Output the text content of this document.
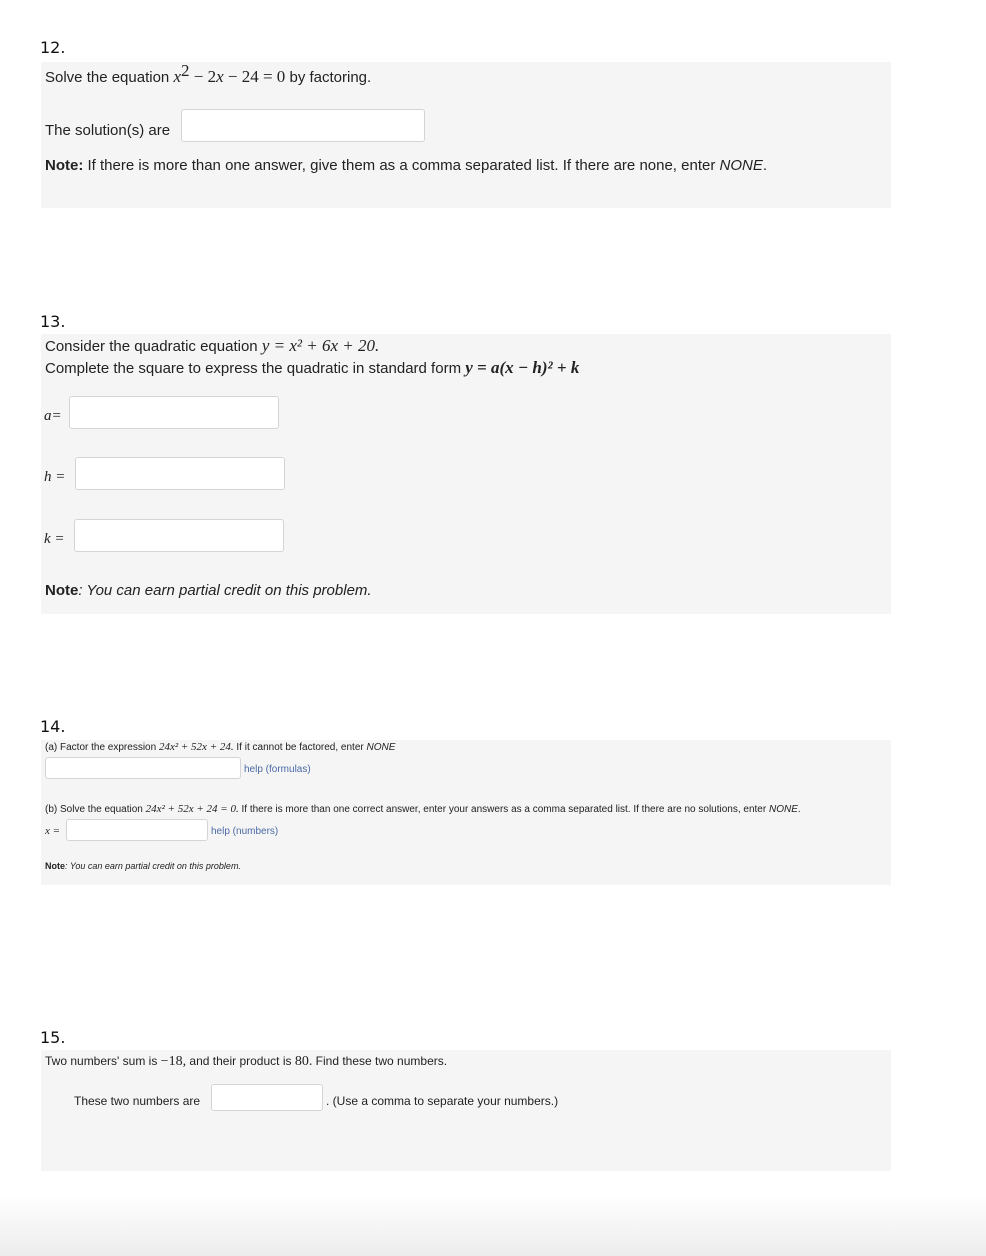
12.
Solve the equation $x^2 - 2x - 24 = 0$ by factoring.
The solution(s) are
Note: If there is more than one answer, give them as a comma separated list. If there are none, enter NONE.
13.
Consider the quadratic equation y = x² + 6x + 20.
Complete the square to express the quadratic in standard form y = a(x − h)² + k
a=
h =
k =
Note: You can earn partial credit on this problem.
14.
(a) Factor the expression 24x² + 52x + 24. If it cannot be factored, enter NONE
help (formulas)
(b) Solve the equation 24x² + 52x + 24 = 0. If there is more than one correct answer, enter your answers as a comma separated list. If there are no solutions, enter NONE.
x =	help (numbers)
Note: You can earn partial credit on this problem.
15.
Two numbers' sum is −18, and their product is 80. Find these two numbers.
These two numbers are	. (Use a comma to separate your numbers.)
